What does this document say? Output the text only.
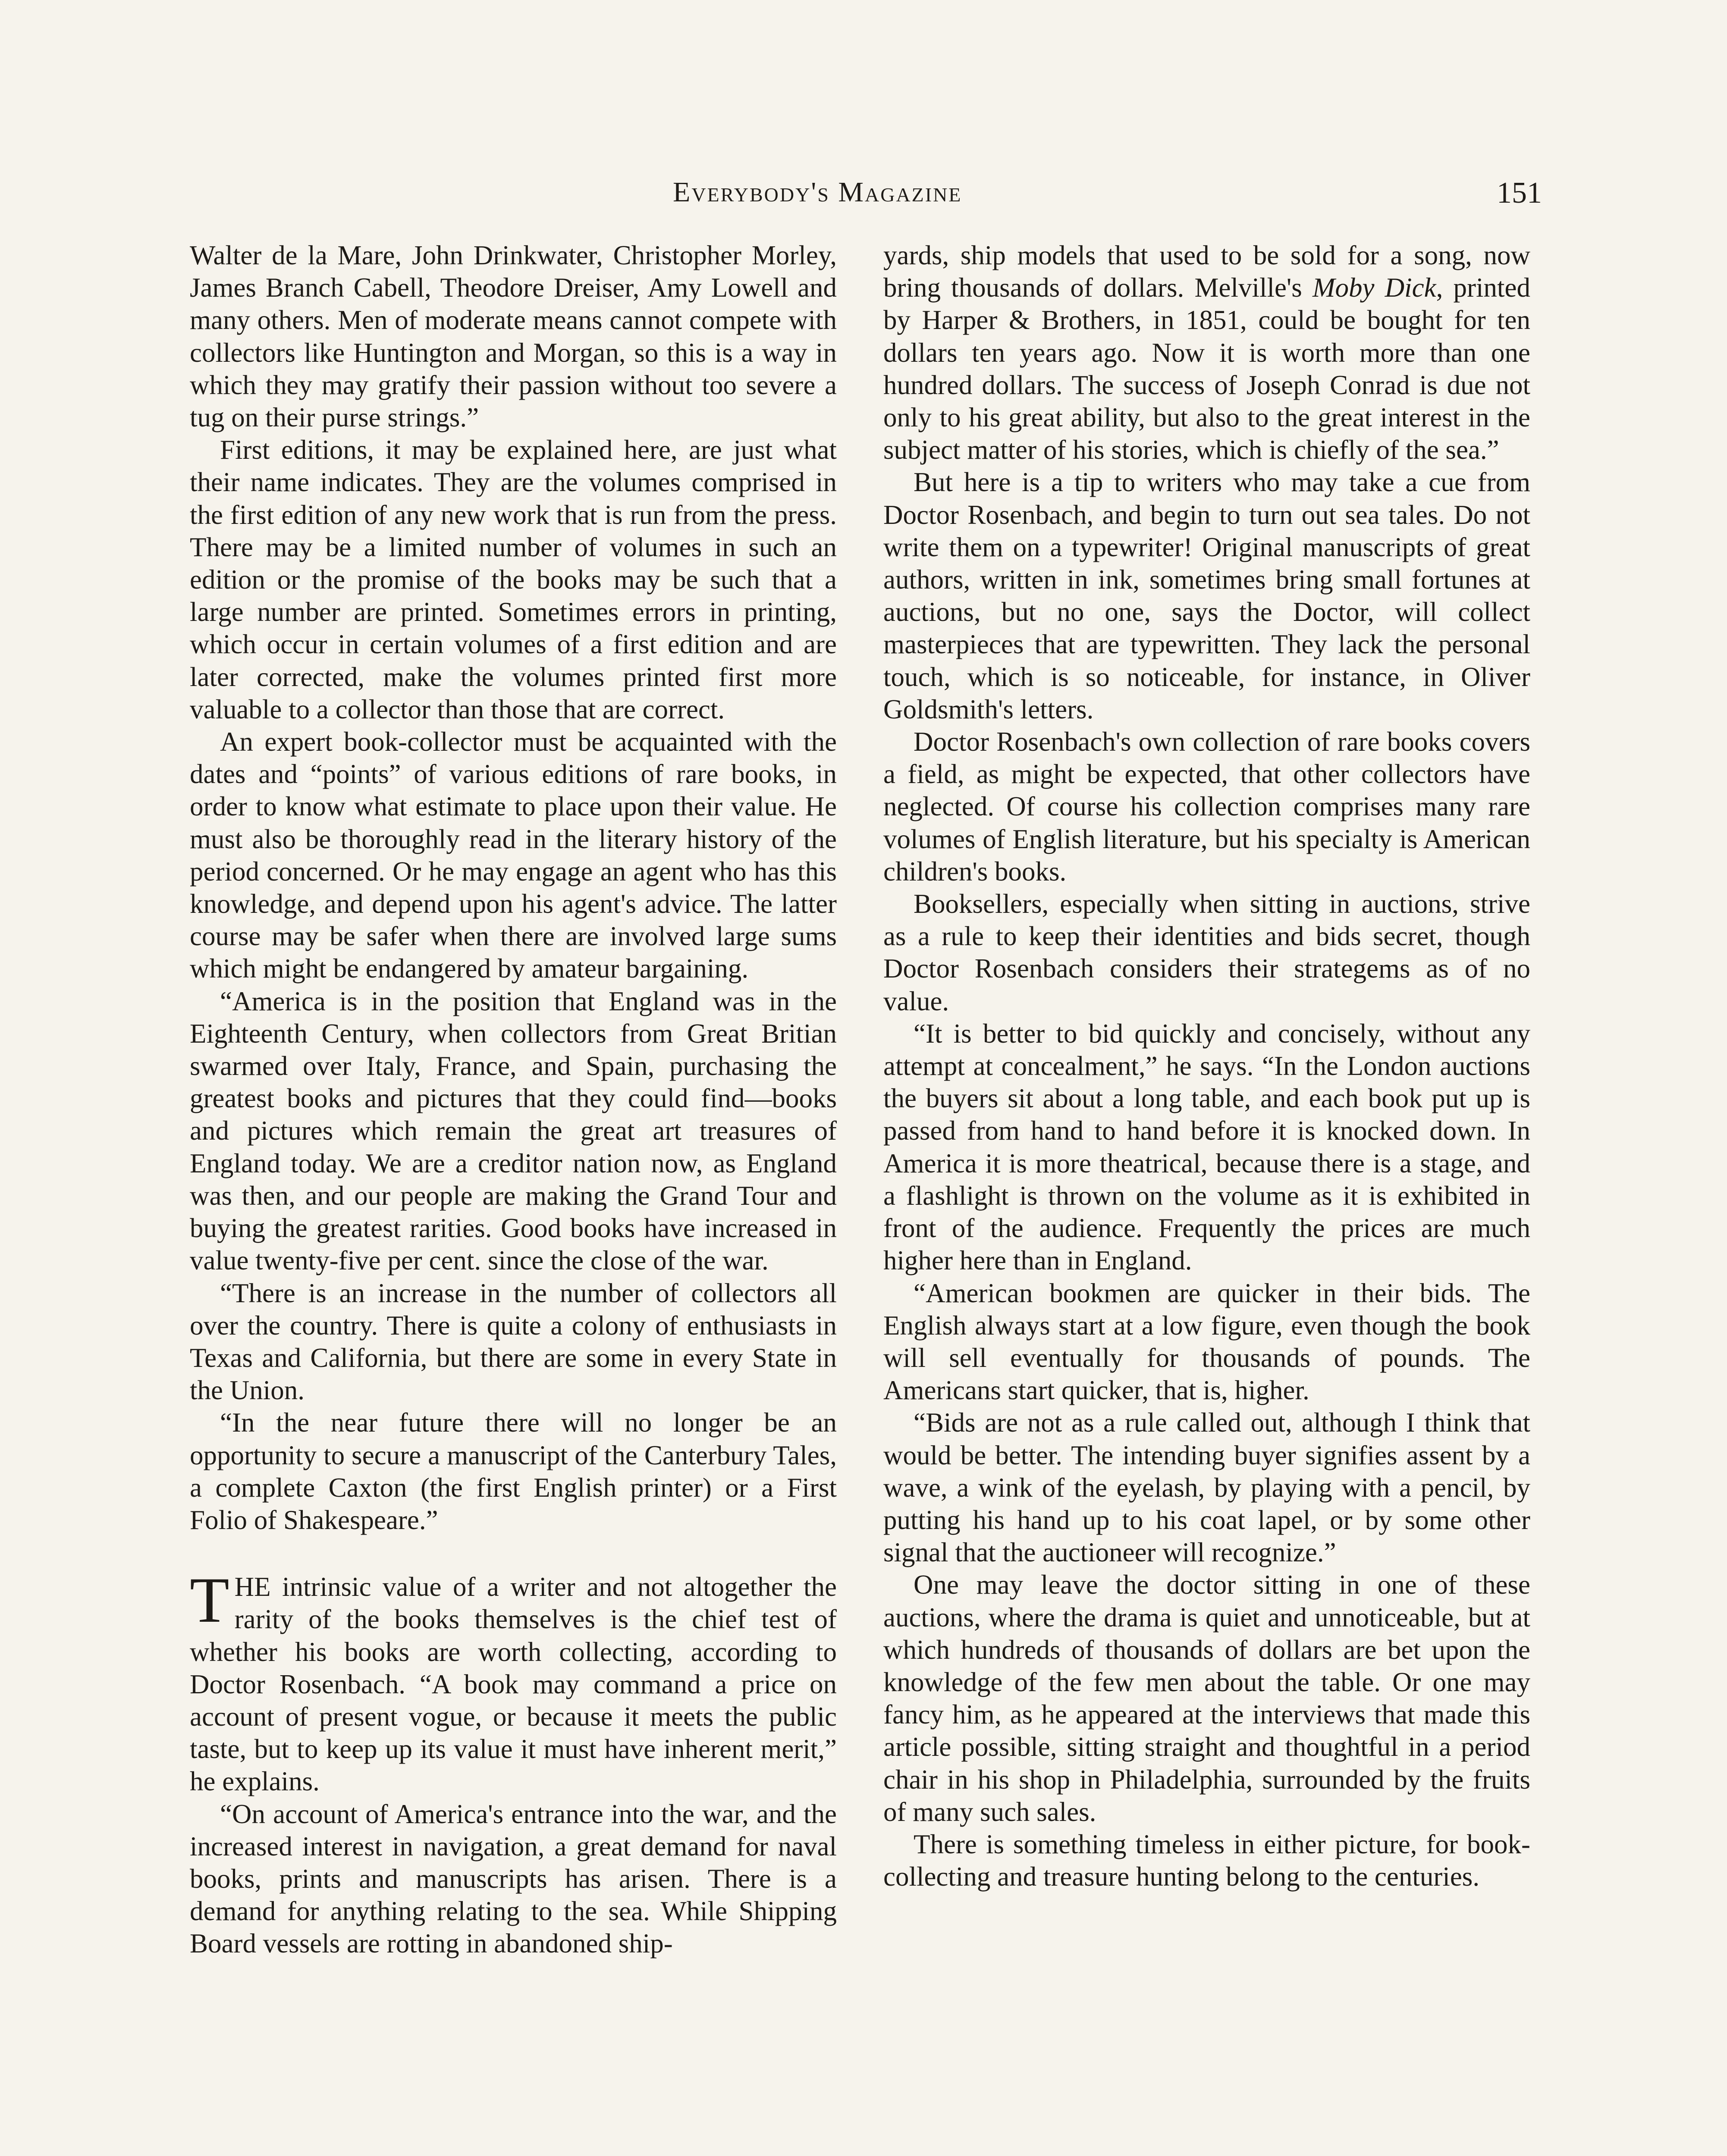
Everybody's Magazine	151

Walter de la Mare, John Drinkwater, Christopher Morley, James Branch Cabell, Theodore Dreiser, Amy Lowell and many others. Men of moderate means cannot compete with collectors like Huntington and Morgan, so this is a way in which they may gratify their passion without too severe a tug on their purse strings.”

First editions, it may be explained here, are just what their name indicates. They are the volumes comprised in the first edition of any new work that is run from the press. There may be a limited number of volumes in such an edition or the promise of the books may be such that a large number are printed. Sometimes errors in printing, which occur in certain volumes of a first edition and are later corrected, make the volumes printed first more valuable to a collector than those that are correct.

An expert book-collector must be acquainted with the dates and “points” of various editions of rare books, in order to know what estimate to place upon their value. He must also be thoroughly read in the literary history of the period concerned. Or he may engage an agent who has this knowledge, and depend upon his agent's advice. The latter course may be safer when there are involved large sums which might be endangered by amateur bargaining.

“America is in the position that England was in the Eighteenth Century, when collectors from Great Britian swarmed over Italy, France, and Spain, purchasing the greatest books and pictures that they could find—books and pictures which remain the great art treasures of England today. We are a creditor nation now, as England was then, and our people are making the Grand Tour and buying the greatest rarities. Good books have increased in value twenty-five per cent. since the close of the war.

“There is an increase in the number of collectors all over the country. There is quite a colony of enthusiasts in Texas and California, but there are some in every State in the Union.

“In the near future there will no longer be an opportunity to secure a manuscript of the Canterbury Tales, a complete Caxton (the first English printer) or a First Folio of Shakespeare.”

THE intrinsic value of a writer and not altogether the rarity of the books themselves is the chief test of whether his books are worth collecting, according to Doctor Rosenbach. “A book may command a price on account of present vogue, or because it meets the public taste, but to keep up its value it must have inherent merit,” he explains.

“On account of America's entrance into the war, and the increased interest in navigation, a great demand for naval books, prints and manuscripts has arisen. There is a demand for anything relating to the sea. While Shipping Board vessels are rotting in abandoned ship-

yards, ship models that used to be sold for a song, now bring thousands of dollars. Melville's Moby Dick, printed by Harper & Brothers, in 1851, could be bought for ten dollars ten years ago. Now it is worth more than one hundred dollars. The success of Joseph Conrad is due not only to his great ability, but also to the great interest in the subject matter of his stories, which is chiefly of the sea.”

But here is a tip to writers who may take a cue from Doctor Rosenbach, and begin to turn out sea tales. Do not write them on a typewriter! Original manuscripts of great authors, written in ink, sometimes bring small fortunes at auctions, but no one, says the Doctor, will collect masterpieces that are typewritten. They lack the personal touch, which is so noticeable, for instance, in Oliver Goldsmith's letters.

Doctor Rosenbach's own collection of rare books covers a field, as might be expected, that other collectors have neglected. Of course his collection comprises many rare volumes of English literature, but his specialty is American children's books.

Booksellers, especially when sitting in auctions, strive as a rule to keep their identities and bids secret, though Doctor Rosenbach considers their strategems as of no value.

“It is better to bid quickly and concisely, without any attempt at concealment,” he says. “In the London auctions the buyers sit about a long table, and each book put up is passed from hand to hand before it is knocked down. In America it is more theatrical, because there is a stage, and a flashlight is thrown on the volume as it is exhibited in front of the audience. Frequently the prices are much higher here than in England.

“American bookmen are quicker in their bids. The English always start at a low figure, even though the book will sell eventually for thousands of pounds. The Americans start quicker, that is, higher.

“Bids are not as a rule called out, although I think that would be better. The intending buyer signifies assent by a wave, a wink of the eyelash, by playing with a pencil, by putting his hand up to his coat lapel, or by some other signal that the auctioneer will recognize.”

One may leave the doctor sitting in one of these auctions, where the drama is quiet and unnoticeable, but at which hundreds of thousands of dollars are bet upon the knowledge of the few men about the table. Or one may fancy him, as he appeared at the interviews that made this article possible, sitting straight and thoughtful in a period chair in his shop in Philadelphia, surrounded by the fruits of many such sales.

There is something timeless in either picture, for book-collecting and treasure hunting belong to the centuries.
